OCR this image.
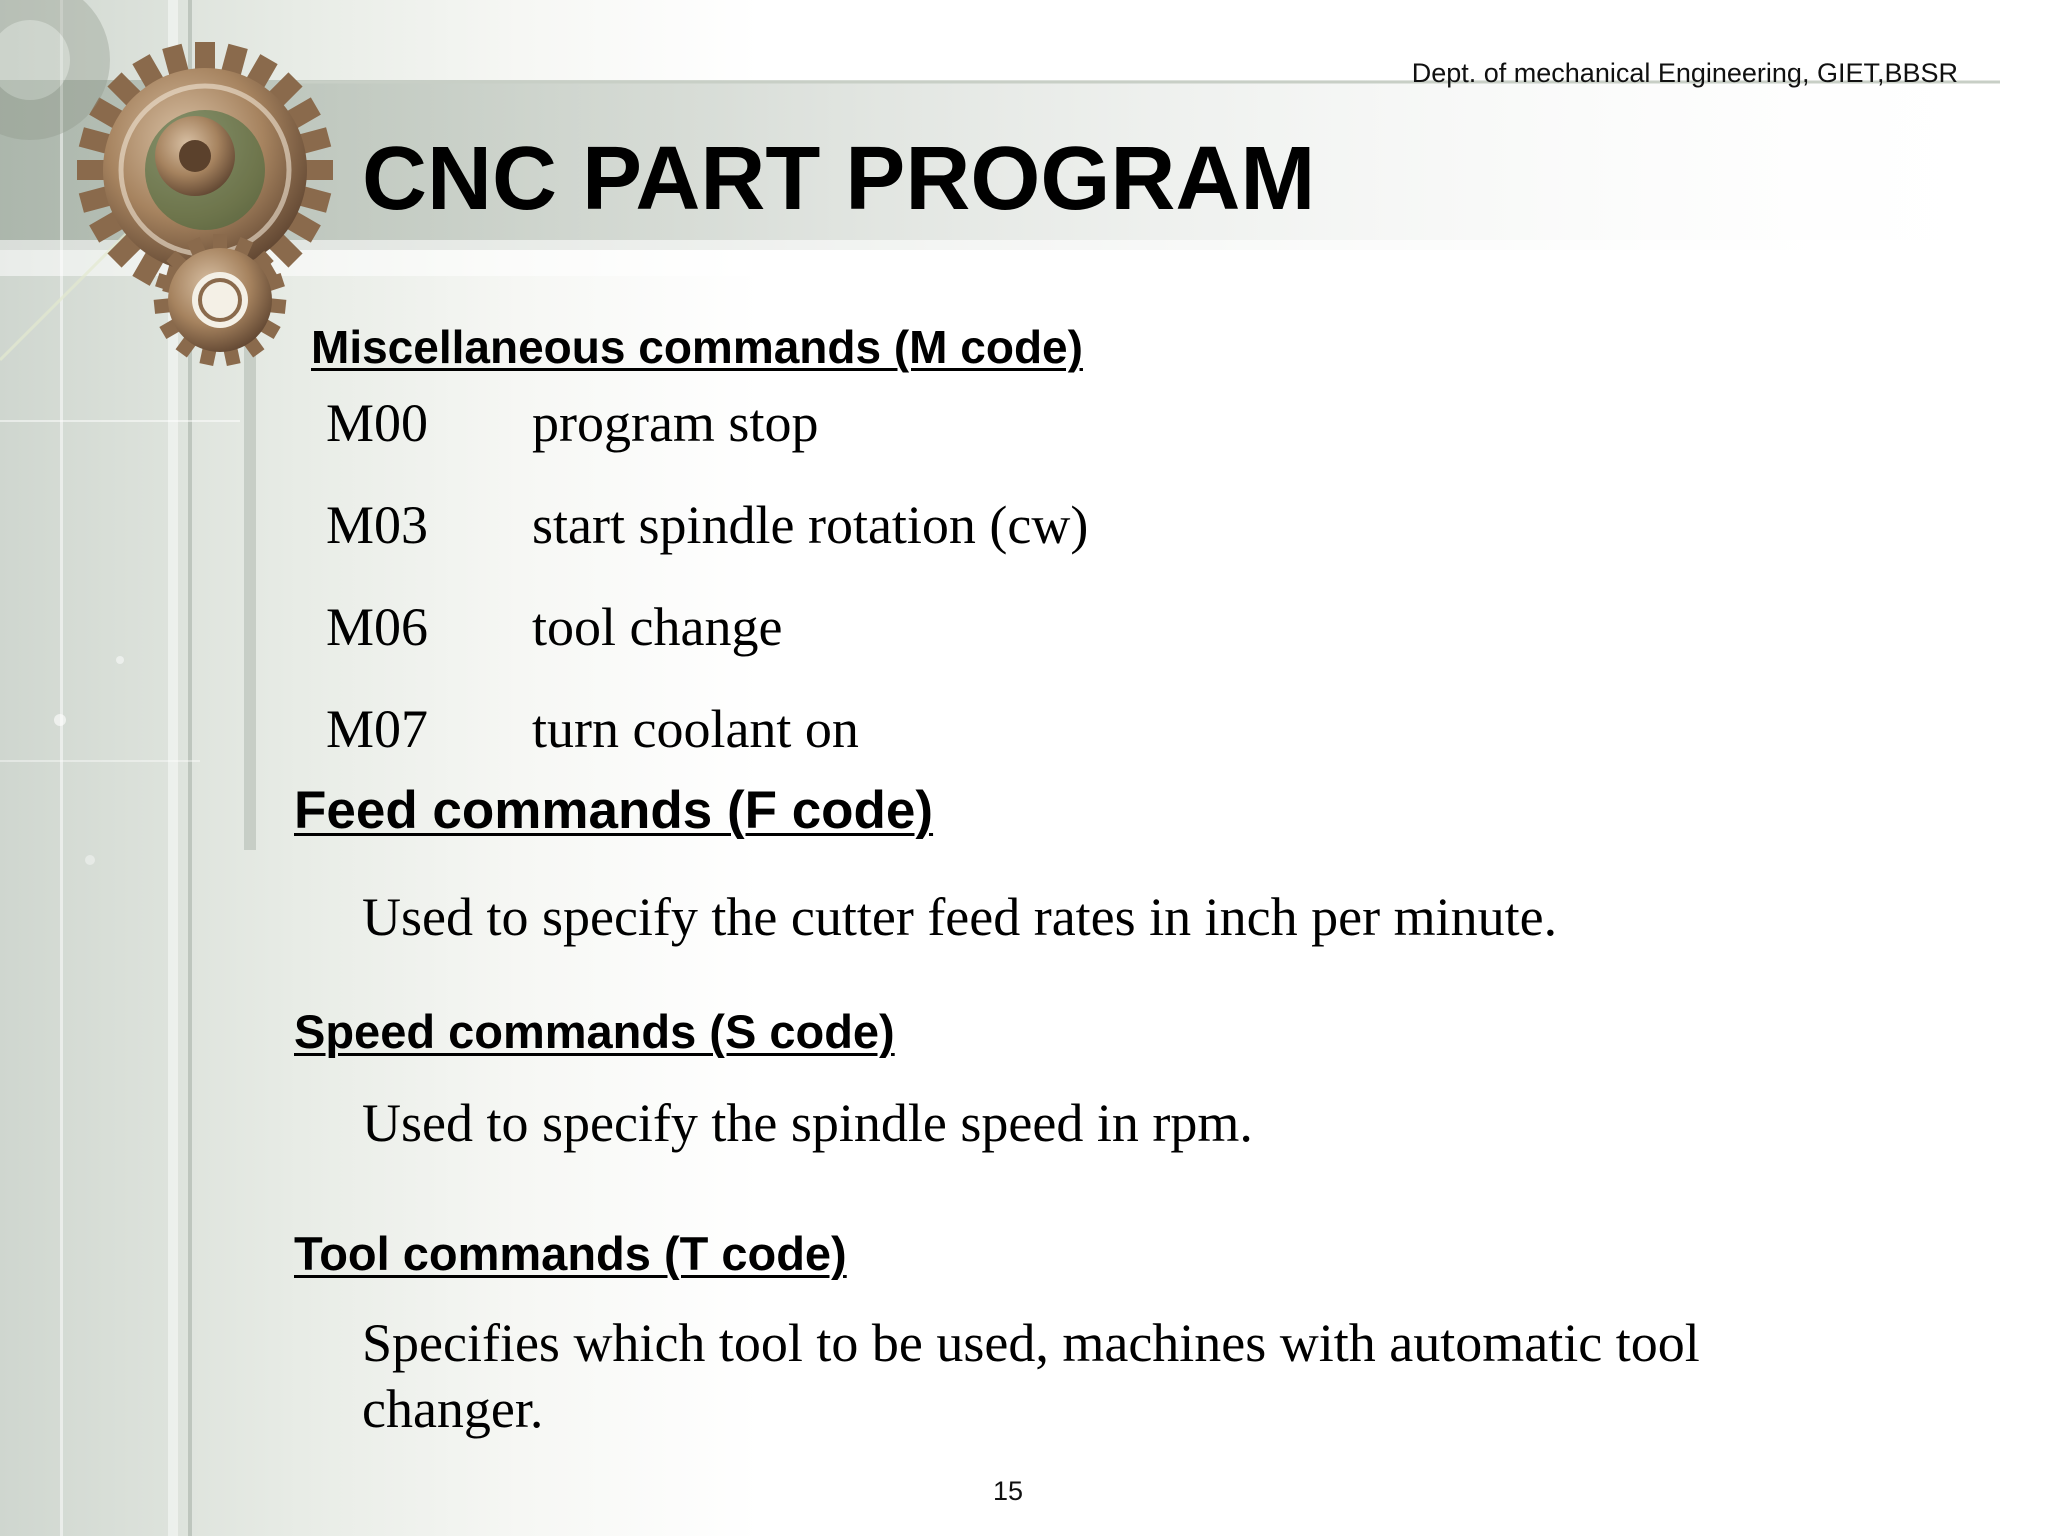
Dept. of mechanical Engineering, GIET,BBSR
CNC PART PROGRAM
Miscellaneous commands (M code)
M00 program stop
M03 start spindle rotation (cw)
M06 tool change
M07 turn coolant on
Feed commands (F code)
Used to specify the cutter feed rates in inch per minute.
Speed commands (S code)
Used to specify the spindle speed in rpm.
Tool commands (T code)
Specifies which tool to be used, machines with automatic tool changer.
15
